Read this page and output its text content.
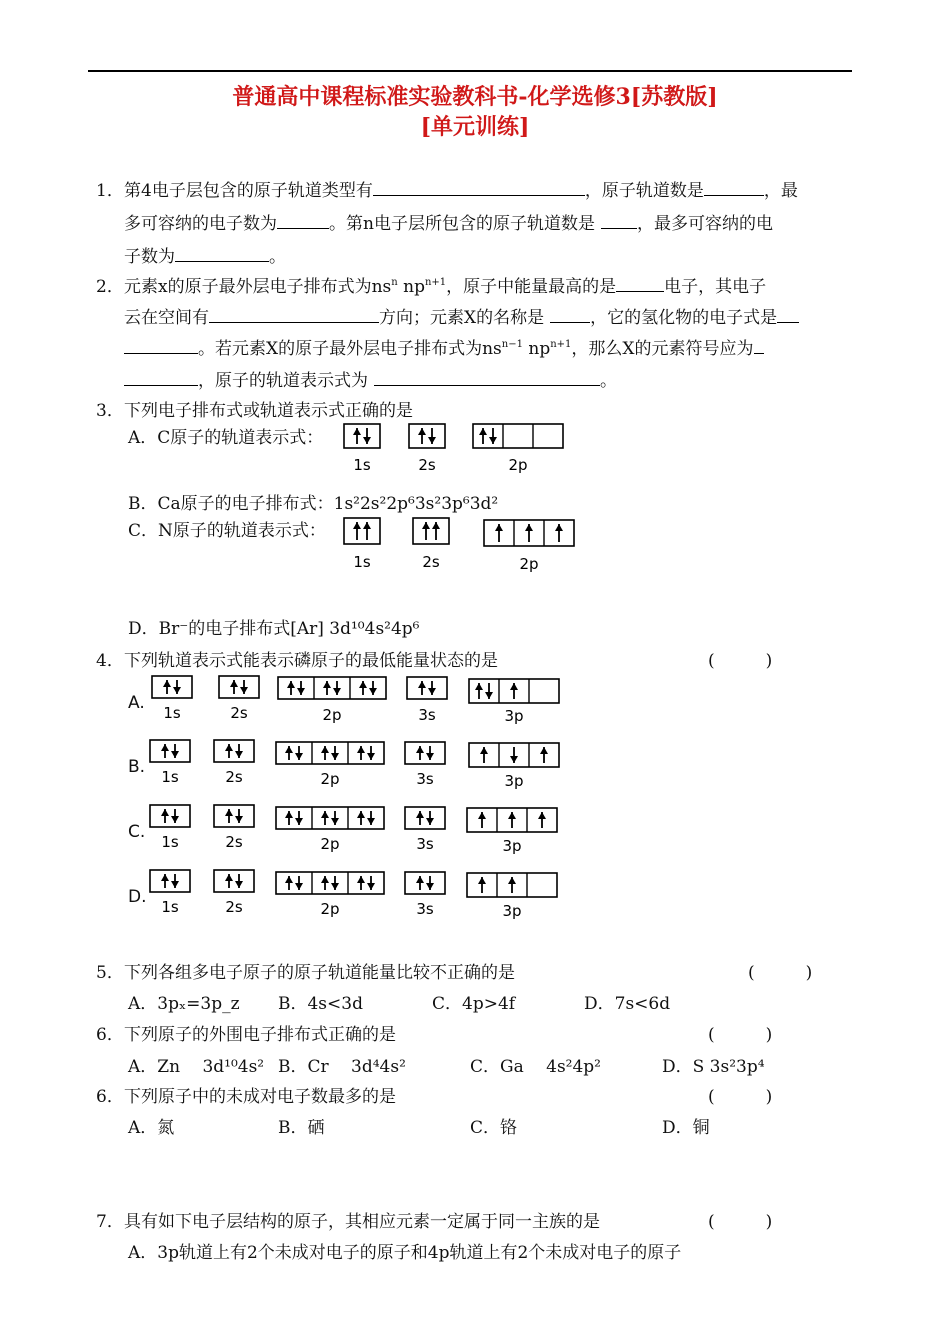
普通高中课程标准实验教科书-化学选修3[苏教版]
[单元训练]
1． 第4电子层包含的原子轨道类型有	，原子轨道数是	，最
多可容纳的电子数为	。第n电子层所包含的原子轨道数是 ，最多可容纳的电
子数为	。
2． 元素x的原子最外层电子排布式为$ns^n$ $np^{n+1}$，原子中能量最高的是	电子，其电子
云在空间有	方向；元素X的名称是	，它的氢化物的电子式是
。若元素X的原子最外层电子排布式为$ns^{n-1}$ $np^{n+1}$，那么X的元素符号应为
，原子的轨道表示式为	。
3． 下列电子排布式或轨道表示式正确的是
A．C原子的轨道表示式：
B．Ca原子的电子排布式：1s²2s²2p⁶3s²3p⁶3d²
C．N原子的轨道表示式：
D．Br⁻的电子排布式[Ar] 3d¹⁰4s²4p⁶
4． 下列轨道表示式能表示磷原子的最低能量状态的是	(　　　)
A.
B.
C.
D.
1s	2s	2p
1s	2s	2p
1s	2s	2p	3s	3p
1s	2s	2p	3s	3p
1s	2s	2p	3s	3p
1s	2s	2p	3s	3p
5． 下列各组多电子原子的原子轨道能量比较不正确的是	(　　　)
A．3pₓ=3p_z B．4s<3d	C．4p>4f	D．7s<6d
6． 下列原子的外围电子排布式正确的是	(　　　)
A．Zn　 3d¹⁰4s² B．Cr　 3d⁴4s²	C．Ga　 4s²4p²	D．S 3s²3p⁴
6． 下列原子中的未成对电子数最多的是	(　　　)
A．氮	B．硒	C．铬	D．铜
7． 具有如下电子层结构的原子，其相应元素一定属于同一主族的是	(　　　)
A．3p轨道上有2个未成对电子的原子和4p轨道上有2个未成对电子的原子
